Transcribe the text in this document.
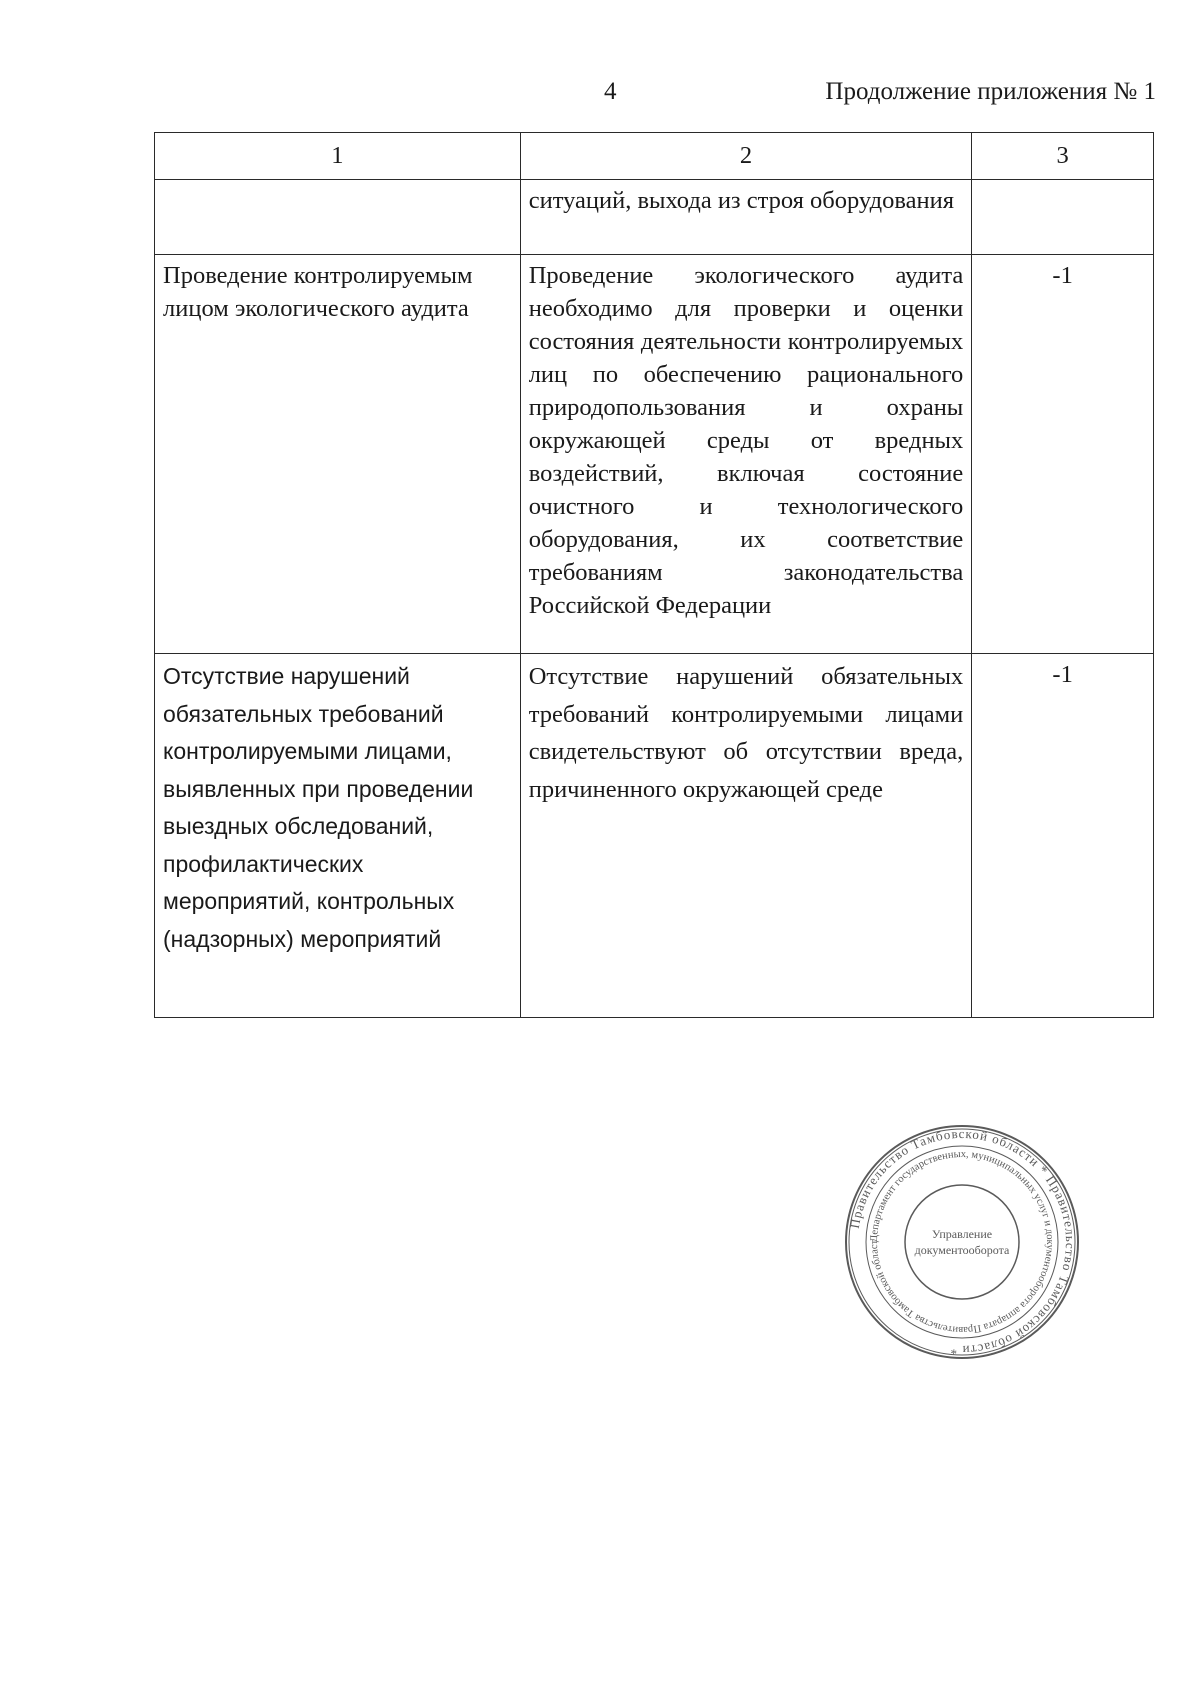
4	Продолжение приложения № 1
1	2	3
	ситуаций, выхода из строя оборудования	
Проведение контролируемым лицом экологического аудита	Проведение экологического аудита необходимо для проверки и оценки состояния деятельности контролируемых лиц по обеспечению рационального природопользования и охраны окружающей среды от вредных воздействий, включая состояние очистного и технологического оборудования, их соответствие требованиям законодательства Российской Федерации	-1
Отсутствие нарушений обязательных требований контролируемыми лицами, выявленных при проведении выездных обследований, профилактических мероприятий, контрольных (надзорных) мероприятий	Отсутствие нарушений обязательных требований контролируемыми лицами свидетельствуют об отсутствии вреда, причиненного окружающей среде	-1
Правительство Тамбовской области * Правительство Тамбовской области *
Департамент государственных, муниципальных услуг и документооборота аппарата Правительства Тамбовской област
Управление
документооборота
